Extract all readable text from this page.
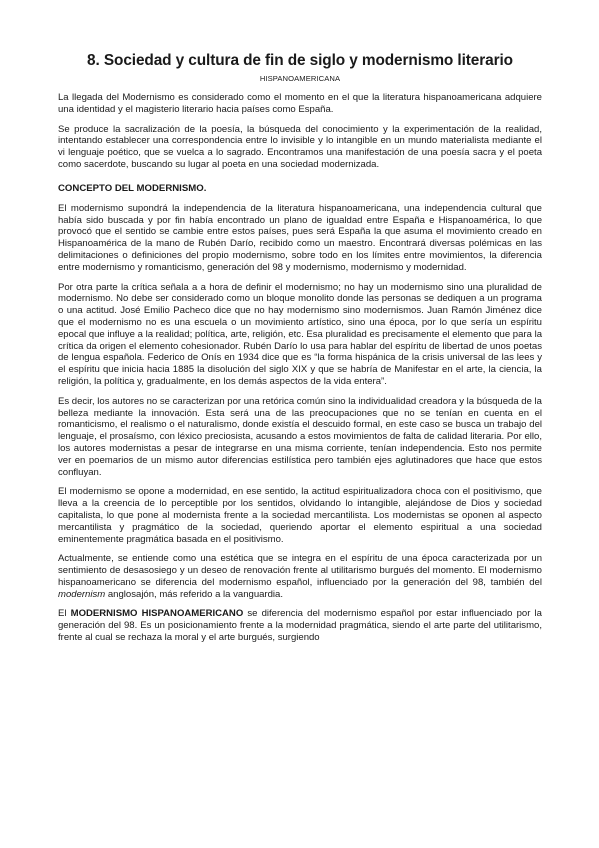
8. Sociedad y cultura de fin de siglo y modernismo literario
HISPANOAMERICANA

La llegada del Modernismo es considerado como el momento en el que la literatura hispanoamericana adquiere una identidad y el magisterio literario hacia países como España.

Se produce la sacralización de la poesía, la búsqueda del conocimiento y la experimentación de la realidad, intentando establecer una correspondencia entre lo invisible y lo intangible en un mundo materialista mediante el vi lenguaje poético, que se vuelca a lo sagrado. Encontramos una manifestación de una poesía sacra y el poeta como sacerdote, buscando su lugar al poeta en una sociedad modernizada.

CONCEPTO DEL MODERNISMO.

El modernismo supondrá la independencia de la literatura hispanoamericana, una independencia cultural que había sido buscada y por fin había encontrado un plano de igualdad entre España e Hispanoamérica, lo que provocó que el sentido se cambie entre estos países, pues será España la que asuma el movimiento creado en Hispanoamérica de la mano de Rubén Darío, recibido como un maestro. Encontrará diversas polémicas en las delimitaciones o definiciones del propio modernismo, sobre todo en los límites entre movimientos, la diferencia entre modernismo y romanticismo, generación del 98 y modernismo, modernismo y modernidad.

Por otra parte la crítica señala a a hora de definir el modernismo; no hay un modernismo sino una pluralidad de modernismo. No debe ser considerado como un bloque monolito donde las personas se dediquen a un programa o una actitud. José Emilio Pacheco dice que no hay modernismo sino modernismos. Juan Ramón Jiménez dice que el modernismo no es una escuela o un movimiento artístico, sino una época, por lo que sería un espíritu epocal que influye a la realidad; política, arte, religión, etc. Esa pluralidad es precisamente el elemento que para la crítica da origen el elemento cohesionador. Rubén Darío lo usa para hablar del espíritu de libertad de unos poetas de lengua española. Federico de Onís en 1934 dice que es “la forma hispánica de la crisis universal de las lees y el espíritu que inicia hacia 1885 la disolución del siglo XIX y que se habría de Manifestar en el arte, la ciencia, la religión, la política y, gradualmente, en los demás aspectos de la vida entera”.

Es decir, los autores no se caracterizan por una retórica común sino la individualidad creadora y la búsqueda de la belleza mediante la innovación. Esta será una de las preocupaciones que no se tenían en cuenta en el romanticismo, el realismo o el naturalismo, donde existía el descuido formal, en este caso se busca un trabajo del lenguaje, el prosaísmo, con léxico preciosista, acusando a estos movimientos de falta de calidad literaria. Por ello, los autores modernistas a pesar de integrarse en una misma corriente, tenían independencia. Esto nos permite ver en poemarios de un mismo autor diferencias estilística pero también ejes aglutinadores que hace que estos confluyan.

El modernismo se opone a modernidad, en ese sentido, la actitud espiritualizadora choca con el positivismo, que lleva a la creencia de lo perceptible por los sentidos, olvidando lo intangible, alejándose de Dios y sociedad capitalista, lo que pone al modernista frente a la sociedad mercantilista. Los modernistas se oponen al aspecto mercantilista y pragmático de la sociedad, queriendo aportar el elemento espiritual a una sociedad eminentemente pragmática basada en el positivismo.

Actualmente, se entiende como una estética que se integra en el espíritu de una época caracterizada por un sentimiento de desasosiego y un deseo de renovación frente al utilitarismo burgués del momento. El modernismo hispanoamericano se diferencia del modernismo español, influenciado por la generación del 98, también del modernism anglosajón, más referido a la vanguardia.

El MODERNISMO HISPANOAMERICANO se diferencia del modernismo español por estar influenciado por la generación del 98. Es un posicionamiento frente a la modernidad pragmática, siendo el arte parte del utilitarismo, frente al cual se rechaza la moral y el arte burgués, surgiendo
